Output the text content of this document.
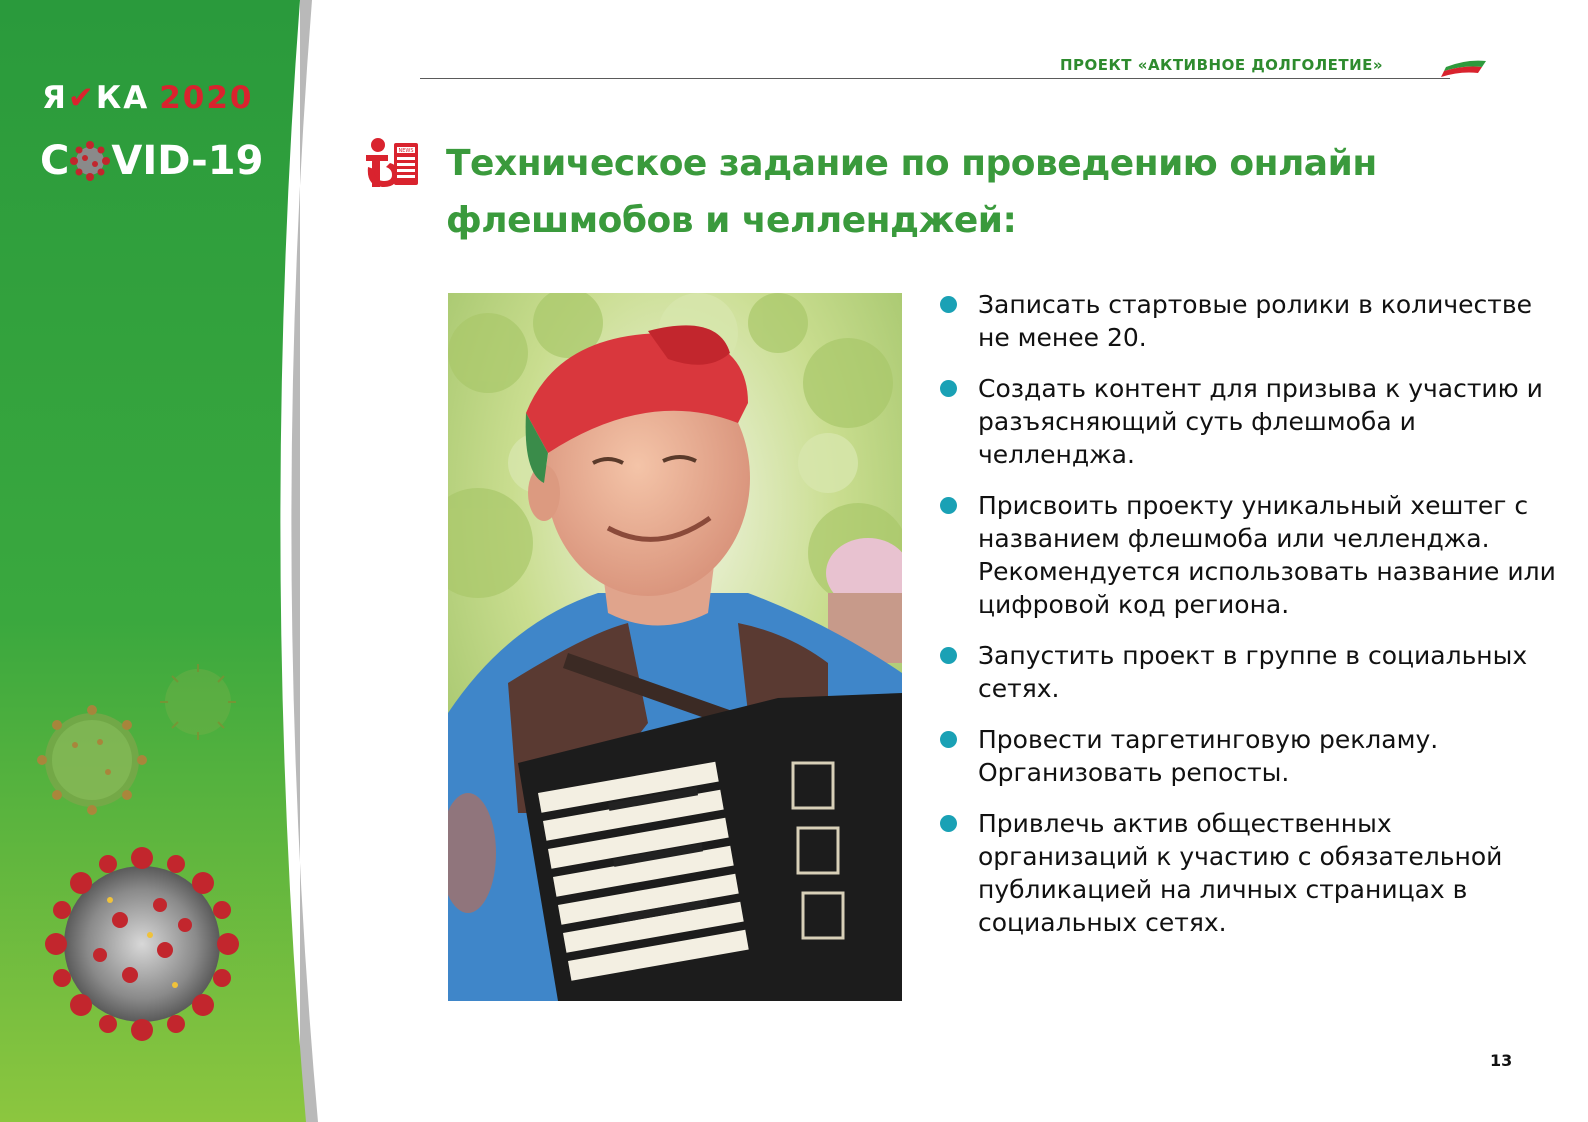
Я✔КА 2020
C VID-19
ПРОЕКТ «АКТИВНОЕ ДОЛГОЛЕТИЕ»
NEWS Техническое задание по проведению онлайн флешмобов и челленджей:
Записать стартовые ролики в количестве не менее 20.
Создать контент для призыва к участию и разъясняющий суть флешмоба и челленджа.
Присвоить проекту уникальный хештег с названием флешмоба или челленджа. Рекомендуется использовать название или цифровой код региона.
Запустить проект в группе в социальных сетях.
Провести таргетинговую рекламу. Организовать репосты.
Привлечь актив общественных организаций к участию с обязательной публикацией на личных страницах в социальных сетях.
13
